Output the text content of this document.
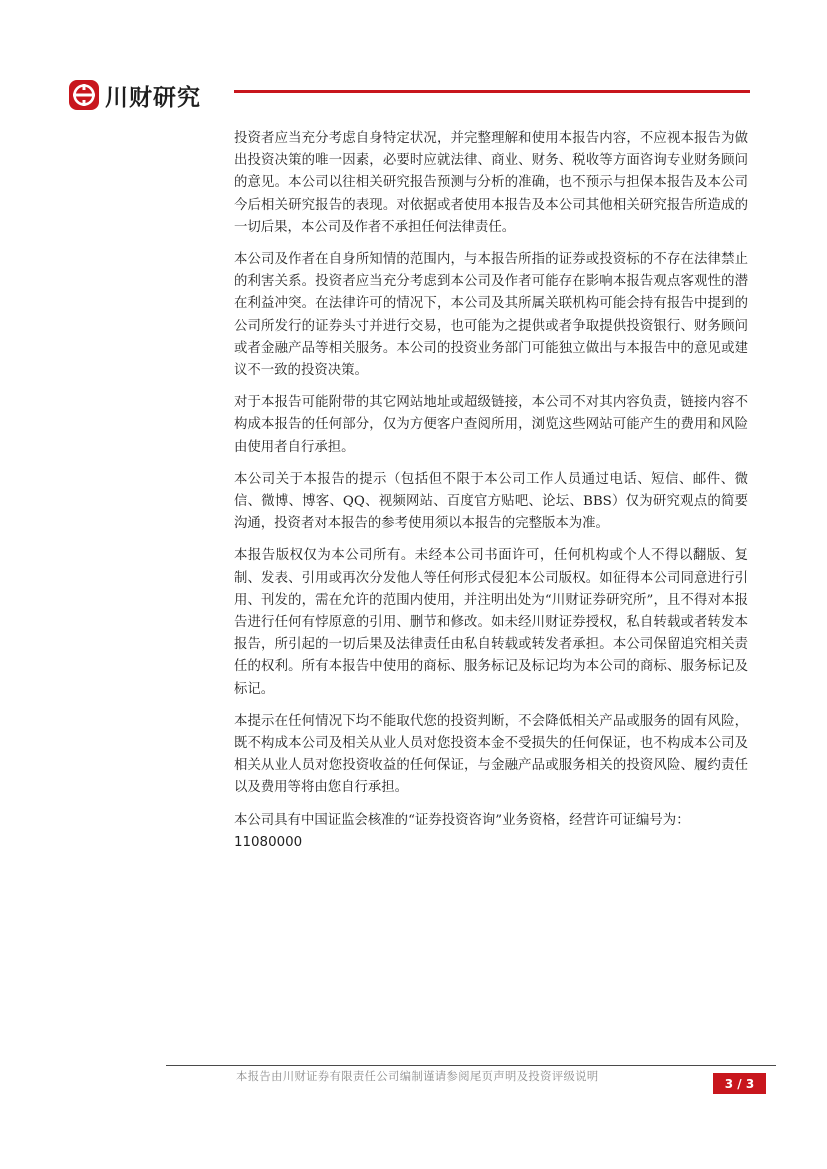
川财研究

投资者应当充分考虑自身特定状况，并完整理解和使用本报告内容，不应视本报告为做出投资决策的唯一因素，必要时应就法律、商业、财务、税收等方面咨询专业财务顾问的意见。本公司以往相关研究报告预测与分析的准确，也不预示与担保本报告及本公司今后相关研究报告的表现。对依据或者使用本报告及本公司其他相关研究报告所造成的一切后果，本公司及作者不承担任何法律责任。

本公司及作者在自身所知情的范围内，与本报告所指的证券或投资标的不存在法律禁止的利害关系。投资者应当充分考虑到本公司及作者可能存在影响本报告观点客观性的潜在利益冲突。在法律许可的情况下，本公司及其所属关联机构可能会持有报告中提到的公司所发行的证券头寸并进行交易，也可能为之提供或者争取提供投资银行、财务顾问或者金融产品等相关服务。本公司的投资业务部门可能独立做出与本报告中的意见或建议不一致的投资决策。

对于本报告可能附带的其它网站地址或超级链接，本公司不对其内容负责，链接内容不构成本报告的任何部分，仅为方便客户查阅所用，浏览这些网站可能产生的费用和风险由使用者自行承担。

本公司关于本报告的提示（包括但不限于本公司工作人员通过电话、短信、邮件、微信、微博、博客、QQ、视频网站、百度官方贴吧、论坛、BBS）仅为研究观点的简要沟通，投资者对本报告的参考使用须以本报告的完整版本为准。

本报告版权仅为本公司所有。未经本公司书面许可，任何机构或个人不得以翻版、复制、发表、引用或再次分发他人等任何形式侵犯本公司版权。如征得本公司同意进行引用、刊发的，需在允许的范围内使用，并注明出处为“川财证券研究所”，且不得对本报告进行任何有悖原意的引用、删节和修改。如未经川财证券授权，私自转载或者转发本报告，所引起的一切后果及法律责任由私自转载或转发者承担。本公司保留追究相关责任的权利。所有本报告中使用的商标、服务标记及标记均为本公司的商标、服务标记及标记。

本提示在任何情况下均不能取代您的投资判断，不会降低相关产品或服务的固有风险，既不构成本公司及相关从业人员对您投资本金不受损失的任何保证，也不构成本公司及相关从业人员对您投资收益的任何保证，与金融产品或服务相关的投资风险、履约责任以及费用等将由您自行承担。

本公司具有中国证监会核准的“证券投资咨询”业务资格，经营许可证编号为：

11080000
本报告由川财证券有限责任公司编制谨请参阅尾页声明及投资评级说明	3 / 3
